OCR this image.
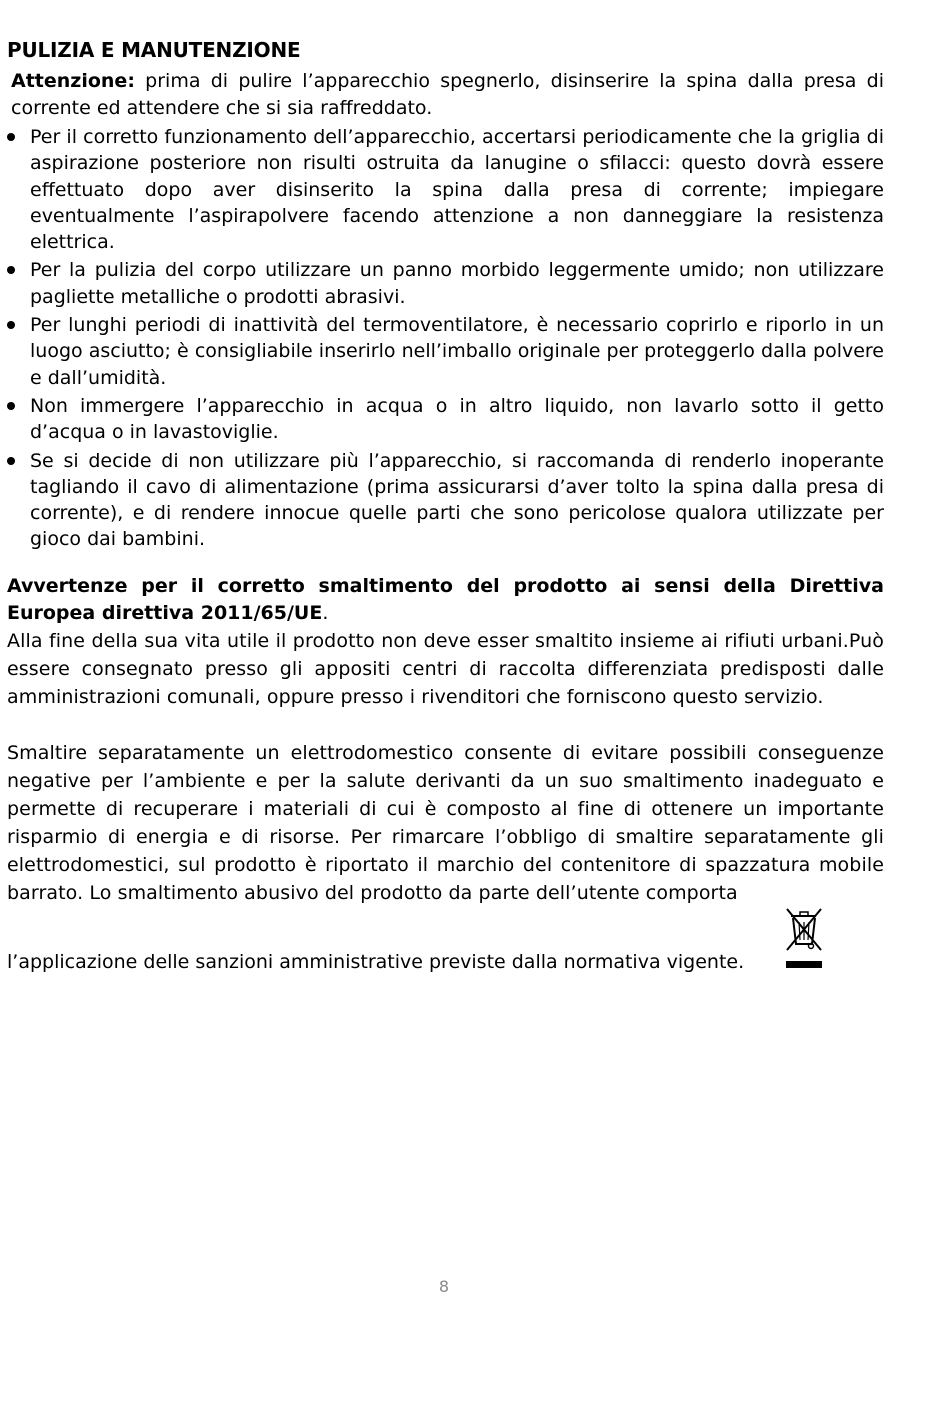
PULIZIA E MANUTENZIONE
Attenzione: prima di pulire l’apparecchio spegnerlo, disinserire la spina dalla presa di corrente ed attendere che si sia raffreddato.
Per il corretto funzionamento dell’apparecchio, accertarsi periodicamente che la griglia di aspirazione posteriore non risulti ostruita da lanugine o sfilacci: questo dovrà essere effettuato dopo aver disinserito la spina dalla presa di corrente; impiegare eventualmente l’aspirapolvere facendo attenzione a non danneggiare la resistenza elettrica.
Per la pulizia del corpo utilizzare un panno morbido leggermente umido; non utilizzare pagliette metalliche o prodotti abrasivi.
Per lunghi periodi di inattività del termoventilatore, è necessario coprirlo e riporlo in un luogo asciutto; è consigliabile inserirlo nell’imballo originale per proteggerlo dalla polvere e dall’umidità.
Non immergere l’apparecchio in acqua o in altro liquido, non lavarlo sotto il getto d’acqua o in lavastoviglie.
Se si decide di non utilizzare più l’apparecchio, si raccomanda di renderlo inoperante tagliando il cavo di alimentazione (prima assicurarsi d’aver tolto la spina dalla presa di corrente), e di rendere innocue quelle parti che sono pericolose qualora utilizzate per gioco dai bambini.
Avvertenze per il corretto smaltimento del prodotto ai sensi della Direttiva Europea direttiva 2011/65/UE.
Alla fine della sua vita utile il prodotto non deve esser smaltito insieme ai rifiuti urbani.Può essere consegnato presso gli appositi centri di raccolta differenziata predisposti dalle amministrazioni comunali, oppure presso i rivenditori che forniscono questo servizio.
Smaltire separatamente un elettrodomestico consente di evitare possibili conseguenze negative per l’ambiente e per la salute derivanti da un suo smaltimento inadeguato e permette di recuperare i materiali di cui è composto al fine di ottenere un importante risparmio di energia e di risorse. Per rimarcare l’obbligo di smaltire separatamente gli elettrodomestici, sul prodotto è riportato il marchio del contenitore di spazzatura mobile barrato. Lo smaltimento abusivo del prodotto da parte dell’utente comporta
l’applicazione delle sanzioni amministrative previste dalla normativa vigente.
8
